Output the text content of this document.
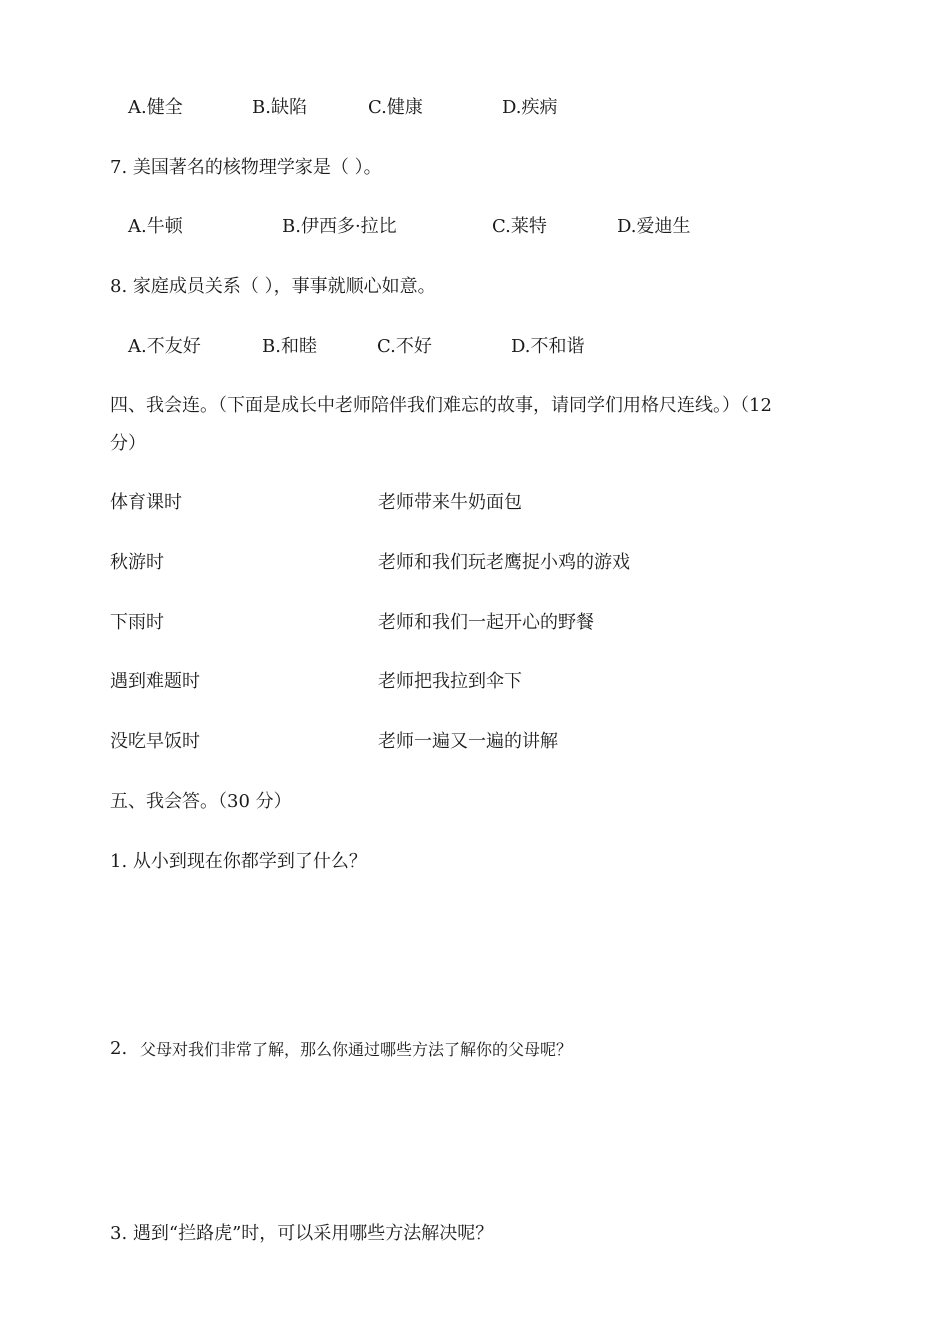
A.健全	B.缺陷	C.健康	D.疾病
7. 美国著名的核物理学家是（ ）。
A.牛顿	B.伊西多·拉比	C.莱特	D.爱迪生
8. 家庭成员关系（ ），事事就顺心如意。
A.不友好	B.和睦	C.不好	D.不和谐
四、我会连。（下面是成长中老师陪伴我们难忘的故事，请同学们用格尺连线。）（12
分）
体育课时	老师带来牛奶面包
秋游时	老师和我们玩老鹰捉小鸡的游戏
下雨时	老师和我们一起开心的野餐
遇到难题时	老师把我拉到伞下
没吃早饭时	老师一遍又一遍的讲解
五、我会答。（30 分）
1. 从小到现在你都学到了什么？
2. 父母对我们非常了解，那么你通过哪些方法了解你的父母呢？
3. 遇到“拦路虎”时，可以采用哪些方法解决呢？
